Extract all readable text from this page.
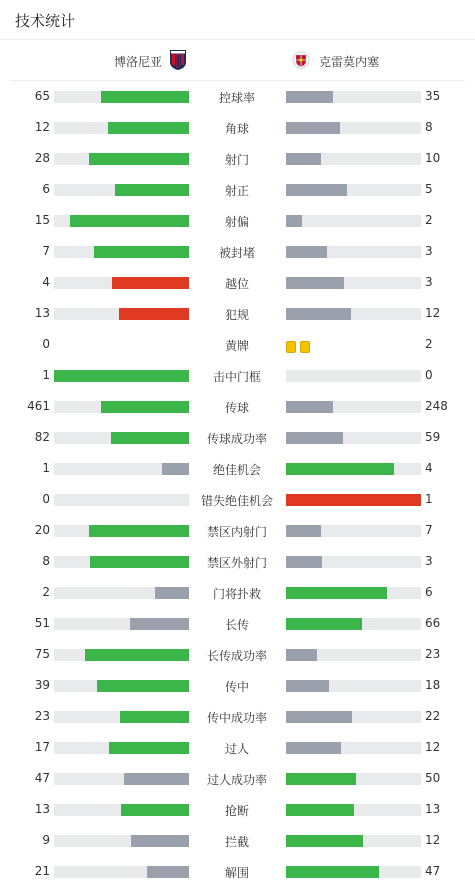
技术统计
博洛尼亚	克雷莫内塞
65	控球率	35
12	角球	8
28	射门	10
6	射正	5
15	射偏	2
7	被封堵	3
4	越位	3
13	犯规	12
0	黄牌	2
1	击中门框	0
461	传球	248
82	传球成功率	59
1	绝佳机会	4
0	错失绝佳机会	1
20	禁区内射门	7
8	禁区外射门	3
2	门将扑救	6
51	长传	66
75	长传成功率	23
39	传中	18
23	传中成功率	22
17	过人	12
47	过人成功率	50
13	抢断	13
9	拦截	12
21	解围	47
